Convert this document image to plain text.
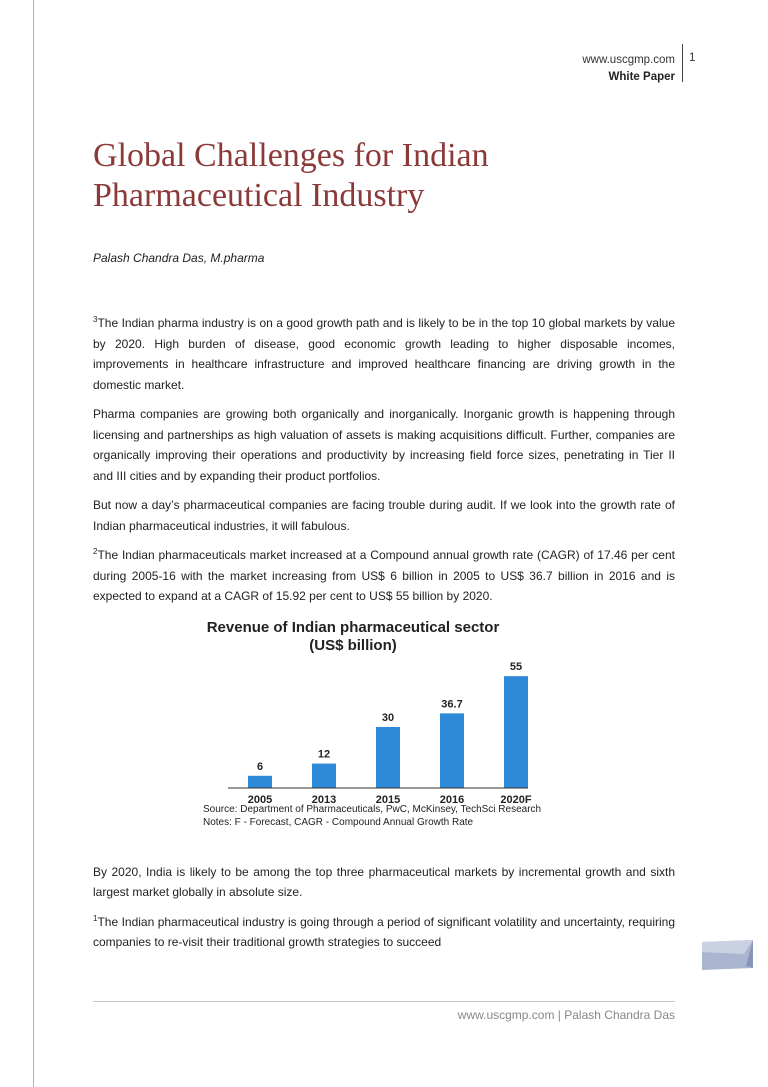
www.uscgmp.com
White Paper
1
Global Challenges for Indian Pharmaceutical Industry
Palash Chandra Das, M.pharma

$^3$The Indian pharma industry is on a good growth path and is likely to be in the top 10 global markets by value by 2020. High burden of disease, good economic growth leading to higher disposable incomes, improvements in healthcare infrastructure and improved healthcare financing are driving growth in the domestic market.

Pharma companies are growing both organically and inorganically. Inorganic growth is happening through licensing and partnerships as high valuation of assets is making acquisitions difficult. Further, companies are organically improving their operations and productivity by increasing field force sizes, penetrating in Tier II and III cities and by expanding their product portfolios.

But now a day’s pharmaceutical companies are facing trouble during audit. If we look into the growth rate of Indian pharmaceutical industries, it will fabulous.

$^2$The Indian pharmaceuticals market increased at a Compound annual growth rate (CAGR) of 17.46 per cent during 2005-16 with the market increasing from US$ 6 billion in 2005 to US$ 36.7 billion in 2016 and is expected to expand at a CAGR of 15.92 per cent to US$ 55 billion by 2020.

Revenue of Indian pharmaceutical sector
(US$ billion)
6
2005
12
2013
30
2015
36.7
2016
55
2020F
Source: Department of Pharmaceuticals, PwC, McKinsey, TechSci Research
Notes: F - Forecast, CAGR - Compound Annual Growth Rate

By 2020, India is likely to be among the top three pharmaceutical markets by incremental growth and sixth largest market globally in absolute size.

$^1$The Indian pharmaceutical industry is going through a period of significant volatility and uncertainty, requiring companies to re-visit their traditional growth strategies to succeed

www.uscgmp.com | Palash Chandra Das
